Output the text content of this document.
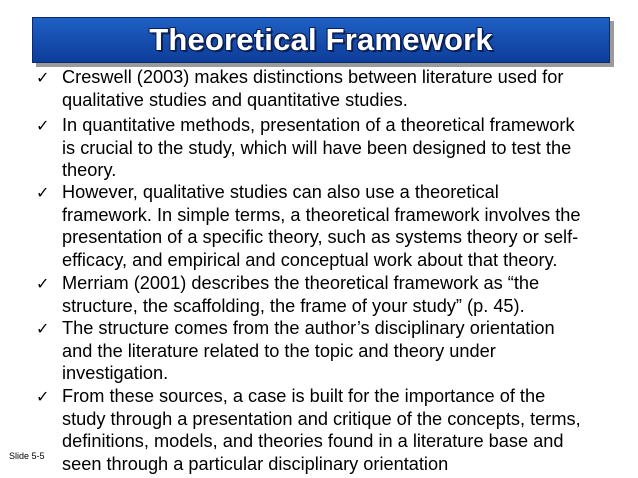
Theoretical Framework
✓ Creswell (2003) makes distinctions between literature used for
qualitative studies and quantitative studies.
✓ In quantitative methods, presentation of a theoretical framework
is crucial to the study, which will have been designed to test the
theory.
✓ However, qualitative studies can also use a theoretical
framework. In simple terms, a theoretical framework involves the
presentation of a specific theory, such as systems theory or self-
efficacy, and empirical and conceptual work about that theory.
✓ Merriam (2001) describes the theoretical framework as “the
structure, the scaffolding, the frame of your study” (p. 45).
✓ The structure comes from the author’s disciplinary orientation
and the literature related to the topic and theory under
investigation.
✓ From these sources, a case is built for the importance of the
study through a presentation and critique of the concepts, terms,
definitions, models, and theories found in a literature base and
seen through a particular disciplinary orientation
Slide 5-5
